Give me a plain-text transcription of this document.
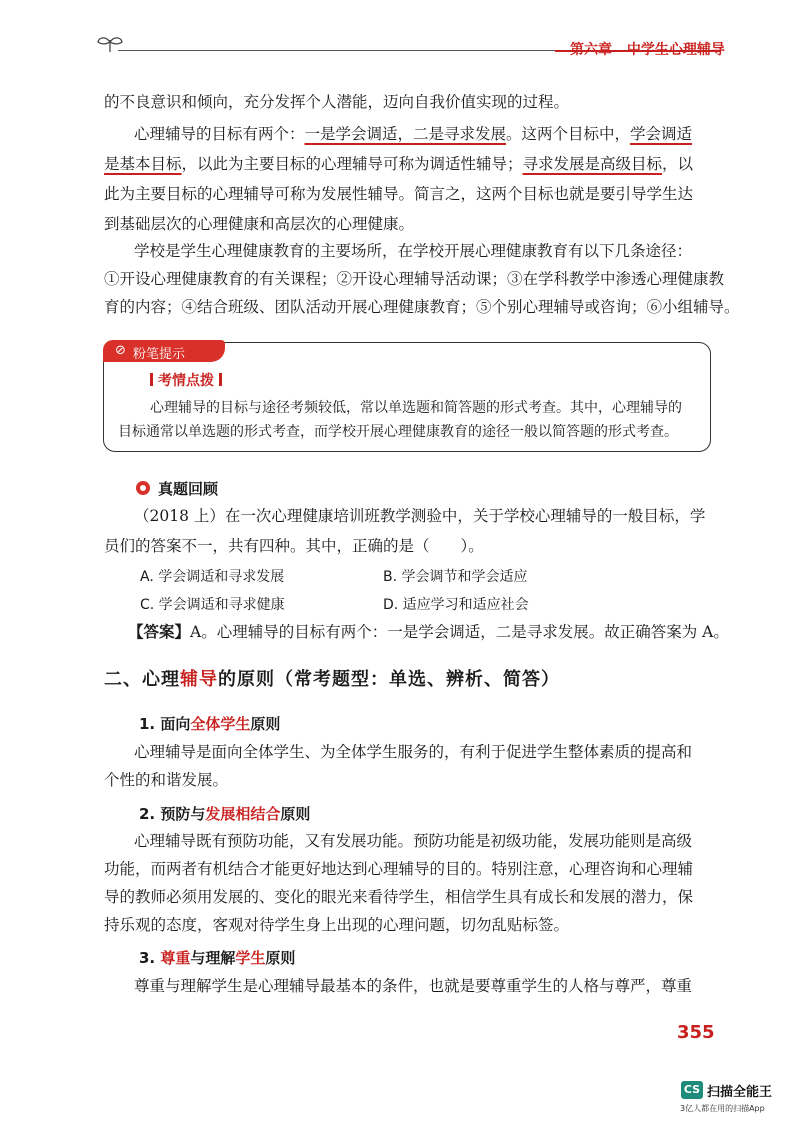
第六章 中学生心理辅导
的不良意识和倾向，充分发挥个人潜能，迈向自我价值实现的过程。
心理辅导的目标有两个：一是学会调适，二是寻求发展。这两个目标中，学会调适
是基本目标，以此为主要目标的心理辅导可称为调适性辅导；寻求发展是高级目标，以
此为主要目标的心理辅导可称为发展性辅导。简言之，这两个目标也就是要引导学生达
到基础层次的心理健康和高层次的心理健康。
学校是学生心理健康教育的主要场所，在学校开展心理健康教育有以下几条途径：
①开设心理健康教育的有关课程；②开设心理辅导活动课；③在学科教学中渗透心理健康教
育的内容；④结合班级、团队活动开展心理健康教育；⑤个别心理辅导或咨询；⑥小组辅导。
⊘ 粉笔提示
考情点拨
心理辅导的目标与途径考频较低，常以单选题和简答题的形式考查。其中，心理辅导的
目标通常以单选题的形式考查，而学校开展心理健康教育的途径一般以简答题的形式考查。
真题回顾
（2018 上）在一次心理健康培训班教学测验中，关于学校心理辅导的一般目标，学
员们的答案不一，共有四种。其中，正确的是（　　）。
A. 学会调适和寻求发展	B. 学会调节和学会适应
C. 学会调适和寻求健康	D. 适应学习和适应社会
【答案】A。心理辅导的目标有两个：一是学会调适，二是寻求发展。故正确答案为 A。
二、心理辅导的原则（常考题型：单选、辨析、简答）
1. 面向全体学生原则
心理辅导是面向全体学生、为全体学生服务的，有利于促进学生整体素质的提高和
个性的和谐发展。
2. 预防与发展相结合原则
心理辅导既有预防功能，又有发展功能。预防功能是初级功能，发展功能则是高级
功能，而两者有机结合才能更好地达到心理辅导的目的。特别注意，心理咨询和心理辅
导的教师必须用发展的、变化的眼光来看待学生，相信学生具有成长和发展的潜力，保
持乐观的态度，客观对待学生身上出现的心理问题，切勿乱贴标签。
3. 尊重与理解学生原则
尊重与理解学生是心理辅导最基本的条件，也就是要尊重学生的人格与尊严，尊重
355
CS 扫描全能王
3亿人都在用的扫描App
